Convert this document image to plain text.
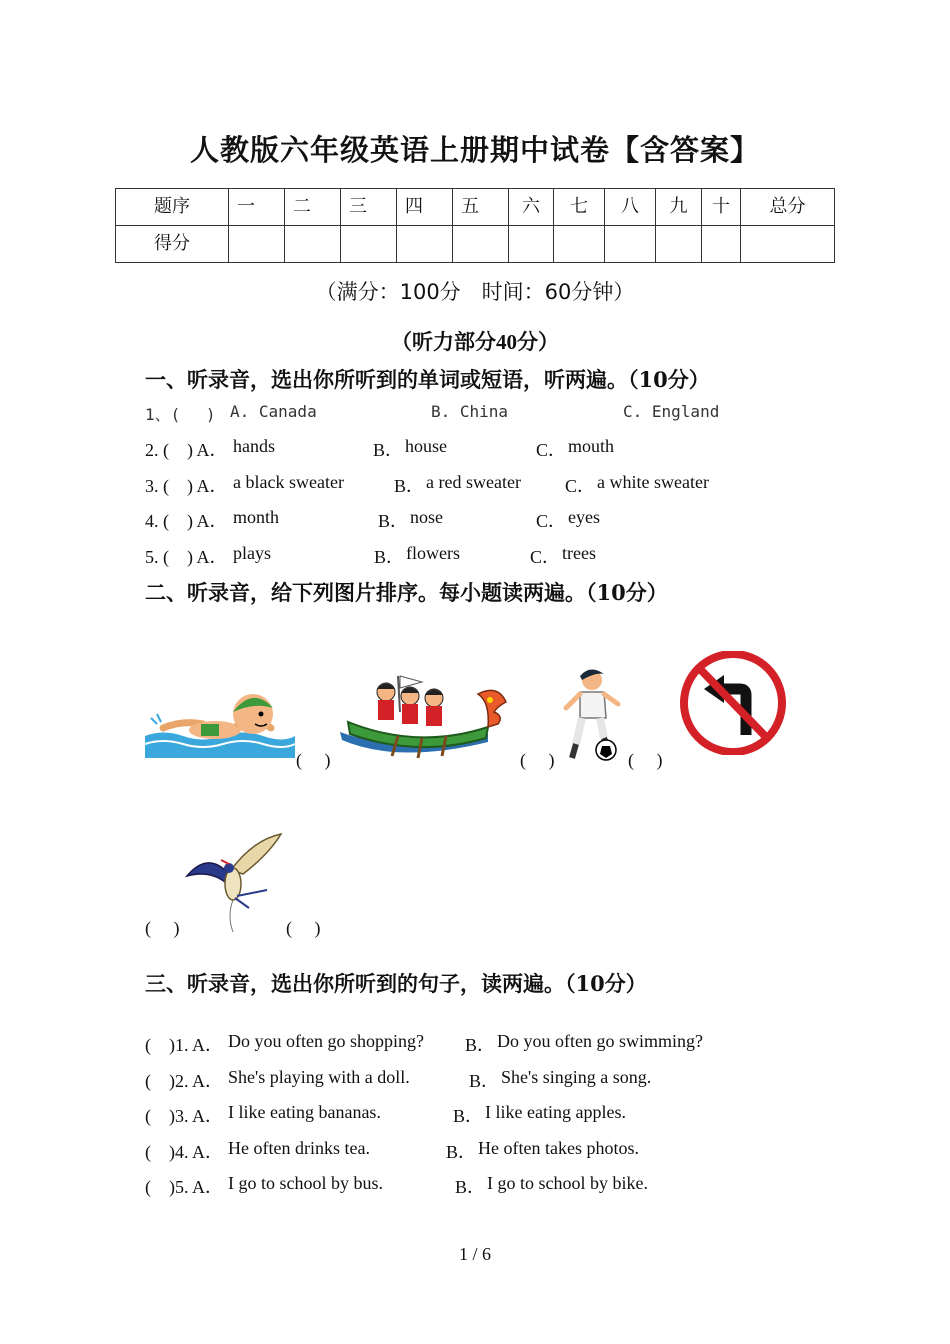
人教版六年级英语上册期中试卷【含答案】
题序	一	二	三	四	五	六	七	八	九	十	总分

得分											

（满分：100分　时间：60分钟）
（听力部分40分）
一、听录音，选出你所听到的单词或短语，听两遍。（10分）
1、(　 ) A. Canada	B. China	C. England
2. (　) A． hands	B． house	C． mouth
3. (　) A． a black sweater	B． a red sweater C． a white sweater
4. (　) A． month	B． nose	C． eyes
5. (　) A． plays	B． flowers	C． trees
二、听录音，给下列图片排序。每小题读两遍。（10分）
(　 )	(　 )	(　 )
(　 )	(　 )
三、听录音，选出你所听到的句子，读两遍。（10分）
(　)1. A． Do you often go shopping? B． Do you often go swimming?
(　)2. A． She's playing with a doll.	B． She's singing a song.
(　)3. A． I like eating bananas.	B． I like eating apples.
(　)4. A． He often drinks tea.	B． He often takes photos.
(　)5. A． I go to school by bus.	B． I go to school by bike.
1 / 6
